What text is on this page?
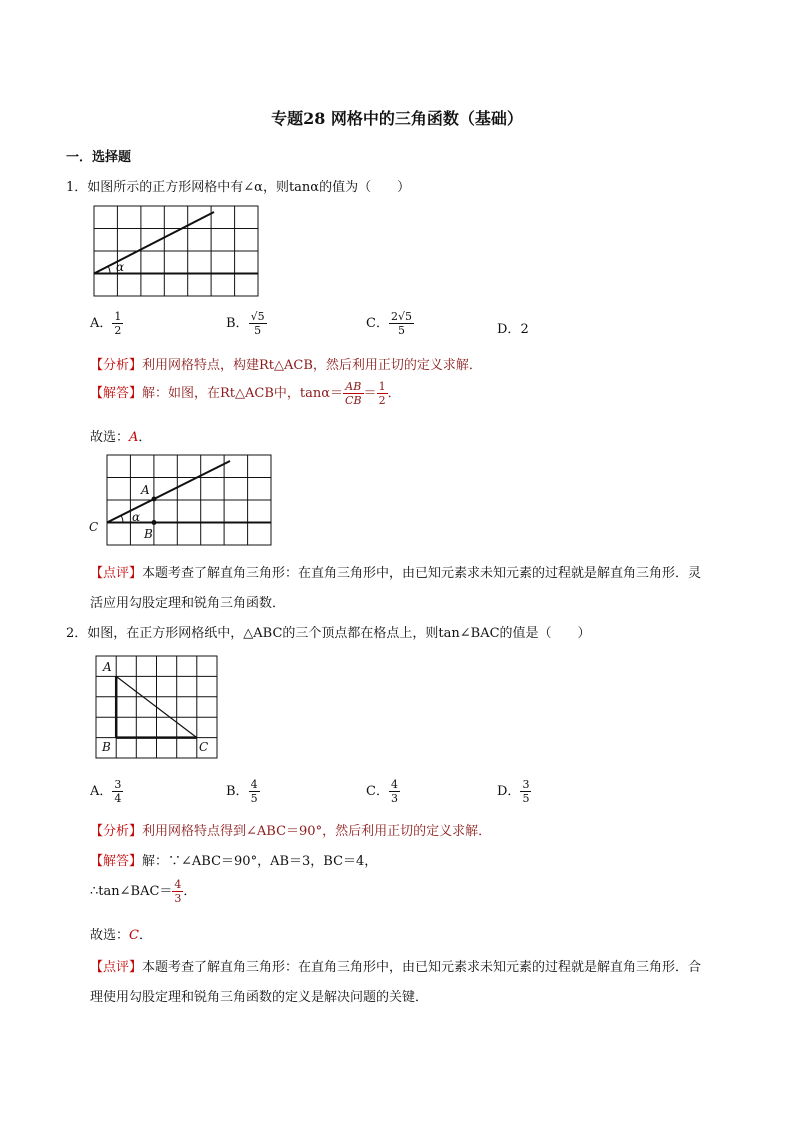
专题28 网格中的三角函数（基础）
一．选择题
1．如图所示的正方形网格中有∠α，则tanα的值为（　　）
α
A． $\frac{1}{2}$	B． $\frac{√5}{5}$	C． $\frac{2√5}{5}$	D．2
【分析】利用网格特点，构建Rt△ACB，然后利用正切的定义求解．
【解答】解：如图，在Rt△ACB中，$\tan\alpha= \frac{AB}{CB} = \frac{1}{2}$ ．
故选：A．
α
A
B
C
【点评】本题考查了解直角三角形：在直角三角形中，由已知元素求未知元素的过程就是解直角三角形．灵
活应用勾股定理和锐角三角函数．
2．如图，在正方形网格纸中，△ABC的三个顶点都在格点上，则tan∠BAC的值是（　　）
A
B	C
A． $\frac{3}{4}$	B． $\frac{4}{5}$	C． $\frac{4}{3}$	D． $\frac{3}{5}$
【分析】利用网格特点得到∠ABC＝90°，然后利用正切的定义求解．
【解答】解：∵∠ABC＝90°，AB＝3，BC＝4，
∴tan∠BAC＝ $\frac{4}{3}$ ．
故选：C．
【点评】本题考查了解直角三角形：在直角三角形中，由已知元素求未知元素的过程就是解直角三角形．合
理使用勾股定理和锐角三角函数的定义是解决问题的关键．
